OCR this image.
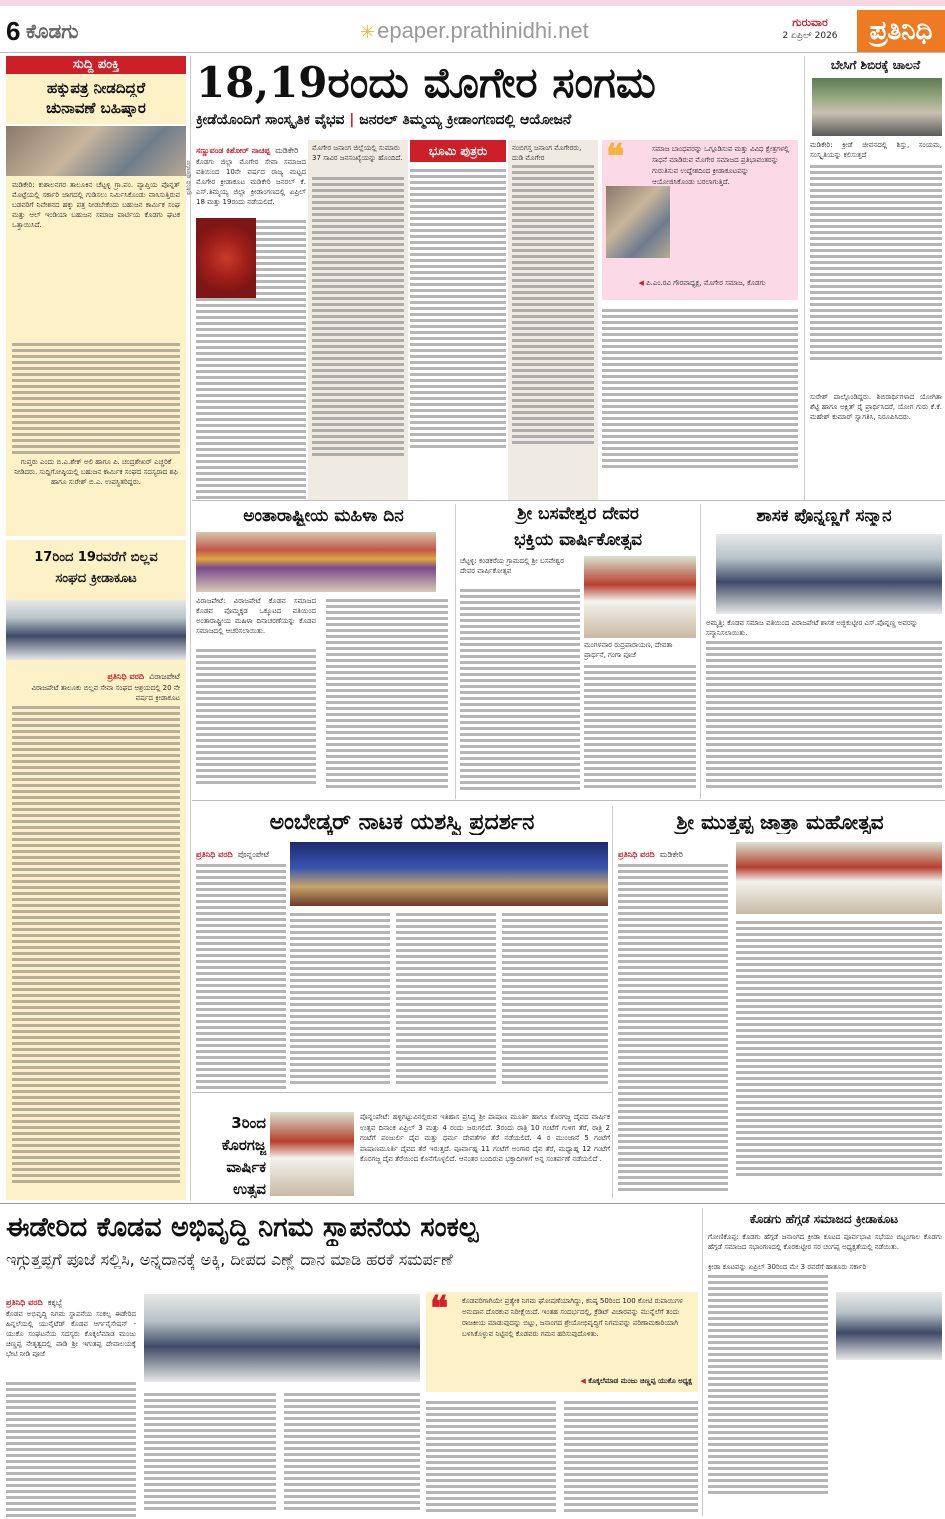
6 ಕೊಡಗು	✳epaper.prathinidhi.net	ಗುರುವಾರ
2 ಏಪ್ರಿಲ್ 2026	ಪ್ರತಿನಿಧಿ
ಸುದ್ದಿ ಪಂಕ್ತಿ
ಹಕ್ಕುಪತ್ರ ನೀಡದಿದ್ದರೆ
ಚುನಾವಣೆ ಬಹಿಷ್ಕಾರ
ಮಡಿಕೇರಿ: ಕುಶಾಲನಗರ ತಾಲೂಕಿನ ಚೆಟ್ಟಳ್ಳಿ ಗ್ರಾ.ಪಂ. ವ್ಯಾಪ್ತಿಯ ಪೊನ್ನತ್ ಮೊಟ್ಟೆಯಲ್ಲಿ ಸರ್ಕಾರಿ ಜಾಗದಲ್ಲಿ ಗುಡಿಸಲು ನಿರ್ಮಿಸಿಕೊಂಡು ವಾಸಿಸುತ್ತಿರುವ ಬಡವರಿಗೆ ನಿವೇಶನದ ಹಕ್ಕು ಪತ್ರ ನೀಡಬೇಕೆಂದು ಬಹುಜನ ಕಾರ್ಮಿಕ ಸಂಘ ಮತ್ತು ಆಲ್ ಇಂಡಿಯಾ ಬಹುಜನ ಸಮಾಜ ಪಾರ್ಟಿಯ ಕೊಡಗು ಘಟಕ ಒತ್ತಾಯಿಸಿದೆ.
ಗುಪ್ತರು ಎಂದು ಬಿ.ಎ.ಶೇಕ್ ಅಲಿ ಹಾಗೂ ಪಿ. ಚಂದ್ರಶೇಖರ್ ಎಚ್ಚರಿಕೆ ನೀಡಿದರು. ಸುದ್ದಿಗೋಷ್ಠಿಯಲ್ಲಿ ಬಹುಜನ ಕಾರ್ಮಿಕ ಸಂಘದ ಸದಸ್ಯರಾದ ಶಫಿ ಹಾಗೂ ಸುರೇಶ್ ಬಿ.ಎ. ಉಪಸ್ಥಿತರಿದ್ದರು.
17ರಿಂದ 19ರವರೆಗೆ ಬಿಲ್ಲವ
ಸಂಘದ ಕ್ರೀಡಾಕೂಟ
ಪ್ರತಿನಿಧಿ ವರದಿ ವಿರಾಜಪೇಟೆ
ವಿರಾಜಪೇಟೆ ತಾಲೂಕು ಬಿಲ್ಲವ ಸೇವಾ ಸಂಘದ ಆಶ್ರಯದಲ್ಲಿ 20 ನೇ ವರ್ಷದ ಕ್ರೀಡಾಕೂಟ
18,19ರಂದು ಮೊಗೇರ ಸಂಗಮ
ಕ್ರೀಡೆಯೊಂದಿಗೆ ಸಾಂಸ್ಕೃತಿಕ ವೈಭವ | ಜನರಲ್ ತಿಮ್ಮಯ್ಯ ಕ್ರೀಡಾಂಗಣದಲ್ಲಿ ಆಯೋಜನೆ
ಪ್ರತಿನಿಧಿ ಫೋಟೋ
ಸಣ್ಣುವಂಡ ಕಿಶೋರ್ ನಾಚಪ್ಪ ಮಡಿಕೇರಿ
ಕೊಡಗು ಜಿಲ್ಲಾ ಮೊಗೇರ ಸೇವಾ ಸಮಾಜದ ವತಿಯಿಂದ 10ನೇ ವರ್ಷದ ರಾಜ್ಯ ಮಟ್ಟದ ಮೊಗೇರ ಕ್ರೀಡಾಕೂಟ ಮಡಿಕೇರಿ ಜನರಲ್ ಕೆ. ಎಸ್.ತಿಮ್ಮಯ್ಯ ಜಿಲ್ಲಾ ಕ್ರೀಡಾಂಗಣದಲ್ಲಿ ಏಪ್ರಿಲ್ 18 ಮತ್ತು 19ರಂದು ನಡೆಯಲಿದೆ.
ಮೊಗೇರ ಜನಾಂಗ ಜಿಲ್ಲೆಯಲ್ಲಿ ಸುಮಾರು 37 ಸಾವಿರ ಜನಸಂಖ್ಯೆಯನ್ನು ಹೊಂದಿದೆ.	ಭೂಮಿ ಪುತ್ರರು	ನಂಬಿಗಸ್ತ ಜನಾಂಗ ಮೊಗೇರರು, ದುಡಿ ಮೊಗೇರ	❝	ಸಮಾಜ ಬಾಂಧವರನ್ನು ಒಗ್ಗೂಡಿಸುವ ಮತ್ತು ವಿವಿಧ ಕ್ಷೇತ್ರಗಳಲ್ಲಿ ಸಾಧನೆ ಮಾಡಿರುವ ಮೊಗೇರ ಸಮಾಜದ ಪ್ರತಿಭಾವಂತರನ್ನು ಗುರುತಿಸುವ ಉದ್ದೇಶದಿಂದ ಕ್ರೀಡಾಕೂಟವನ್ನು ಆಯೋಜಿಸಿಕೊಂಡು ಬರಲಾಗುತ್ತಿದೆ.
◀ ಪಿ.ಎಂ.ರವಿ ಗೌರವಾಧ್ಯಕ್ಷ, ಮೊಗೇರ ಸಮಾಜ, ಕೊಡಗು
ಬೇಸಿಗೆ ಶಿಬಿರಕ್ಕೆ ಚಾಲನೆ
ಮಡಿಕೇರಿ: ಕ್ರೀಡೆ ಜೀವನದಲ್ಲಿ ಶಿಸ್ತು, ಸಂಯಮ, ಸಂಸ್ಕೃತಿಯನ್ನು ಕಲಿಸುತ್ತದೆ
ಸುರೇಶ್ ಪಾಲ್ಗೊಂಡಿದ್ದರು. ಶಿಬಿರಾರ್ಥಿಗಳಾದ ಯೋಗಿತಾ ಶೆಟ್ಟಿ ಹಾಗೂ ಅಕ್ಷಿತ್ ರೈ ಪ್ರಾರ್ಥಿಸಿದರೆ, ಯೋಗ ಗುರು ಕೆ.ಕೆ. ಮಹೇಶ್ ಕುಮಾರ್ ಸ್ವಾಗತಿಸಿ, ನಿರೂಪಿಸಿದರು.
ಅಂತಾರಾಷ್ಟ್ರೀಯ ಮಹಿಳಾ ದಿನ
ವಿರಾಜಪೇಟೆ: ವಿರಾಜಪೇಟೆ ಕೊಡವ ಸಮಾಜದ ಕೊಡವ ಪೊಮ್ಮಕ್ಕಡ ಒಕ್ಕೂಟದ ವತಿಯಿಂದ ಅಂತಾರಾಷ್ಟ್ರೀಯ ಮಹಿಳಾ ದಿನಾಚರಣೆಯನ್ನು ಕೊಡವ ಸಮಾಜದಲ್ಲಿ ಆಚರಿಸಲಾಯಿತು.
ಶ್ರೀ ಬಸವೇಶ್ವರ ದೇವರ
ಭಕ್ತಿಯ ವಾರ್ಷಿಕೋತ್ಸವ
ಚೆಟ್ಟಳ್ಳಿ: ಕಂಡಕರೆಯ ಗ್ರಾಮದಲ್ಲಿ ಶ್ರೀ ಬಸವೇಶ್ವರ ದೇವರ ವಾರ್ಷಿಕೋತ್ಸವ
ಮಂಗಳವಾರ ರುದ್ರಪಾರಾಯಣ, ದೇವತಾ ಪ್ರಾರ್ಥನೆ, ಗಂಗಾ ಪೂಜೆ
ಶಾಸಕ ಪೊನ್ನಣ್ಣಗೆ ಸನ್ಮಾನ
ಅಮ್ಮತ್ತಿ: ಕೊಡವ ಸಮಾಜ ವತಿಯಿಂದ ವಿರಾಜಪೇಟೆ ಶಾಸಕ ಅಜ್ಜಿಕುಟ್ಟೀರ ಎಸ್.ಪೊನ್ನಣ್ಣ ಅವರನ್ನು ಸನ್ಮಾನಿಸಲಾಯಿತು.
ಅಂಬೇಡ್ಕರ್ ನಾಟಕ ಯಶಸ್ವಿ ಪ್ರದರ್ಶನ
ಪ್ರತಿನಿಧಿ ವರದಿ ಪೊನ್ನಂಪೇಟೆ
ಶ್ರೀ ಮುತ್ತಪ್ಪ ಜಾತ್ರಾ ಮಹೋತ್ಸವ
ಪ್ರತಿನಿಧಿ ವರದಿ ಮಡಿಕೇರಿ
3ರಿಂದ
ಕೊರಗಜ್ಜ
ವಾರ್ಷಿಕ
ಉತ್ಸವ
ಪೊನ್ನಂಪೇಟೆ: ಹಳ್ಳಿಗಟ್ಟುವಿನಲ್ಲಿರುವ ಇತಿಹಾಸ ಪ್ರಸಿದ್ಧ ಶ್ರೀ ಪಾಷಾಣ ಮೂರ್ತಿ ಹಾಗೂ ಕೊರಗಜ್ಜ ದೈವದ ವಾರ್ಷಿಕ ಉತ್ಸವ ದಿನಾಂಕ ಏಪ್ರಿಲ್ 3 ಮತ್ತು 4 ರಂದು ಜರುಗಲಿದೆ. 3ರಂದು ರಾತ್ರಿ 10 ಗಂಟೆಗೆ ಗುಳಿಗ ತೆರೆ, ರಾತ್ರಿ 2 ಗಂಟೆಗೆ ಪಂಜುರ್ಲಿ ದೈವ ಮತ್ತು ಧರ್ಮ ದೇವತೆಗಳ ತೆರೆ ನಡೆಯಲಿದೆ. 4 ರ ಮುಂಜಾನೆ 5 ಗಂಟೆಗೆ ಪಾಷಾಣಮೂರ್ತಿ ದೈವದ ತೆರೆ ಇರುತ್ತದೆ. ಪೂರ್ವಾಹ್ನ 11 ಗಂಟೆಗೆ ಅಂಗಾರ ದೈವ ತೆರೆ, ಮಧ್ಯಾಹ್ನ 12 ಗಂಟೆಗೆ ಕೊರಗಜ್ಜ ದೈವ ತೆರೆಯಿಂದ ಕೊನೆಗೊಳ್ಳಲಿದೆ. ಆನಂತರ ಬಂದಿರುವ ಭಕ್ತಾದಿಗಳಿಗೆ ಅನ್ನ ಸಂತರ್ಪಣೆ ನಡೆಯಲಿದೆ .
ಈಡೇರಿದ ಕೊಡವ ಅಭಿವೃದ್ಧಿ ನಿಗಮ ಸ್ಥಾಪನೆಯ ಸಂಕಲ್ಪ
ಇಗ್ಗುತ್ತಪ್ಪಗೆ ಪೂಜೆ ಸಲ್ಲಿಸಿ, ಅನ್ನದಾನಕ್ಕೆ ಅಕ್ಕಿ, ದೀಪದ ಎಣ್ಣೆ ದಾನ ಮಾಡಿ ಹರಕೆ ಸಮರ್ಪಣೆ
ಪ್ರತಿನಿಧಿ ವರದಿ ಕಕ್ಕಬ್ಬೆ
ಕೊಡವ ಅಭಿವೃದ್ಧಿ ನಿಗಮ ಸ್ಥಾಪನೆಯ ಸಂಕಲ್ಪ ಈಡೇರಿದ ಹಿನ್ನಲೆಯಲ್ಲಿ ಯುನೈಟೆಡ್ ಕೊಡವ ಆರ್ಗನೈಸೇಷನ್ - ಯುಕೊ ಸಂಘಟನೆಯ ಸದಸ್ಯರು ಕೊಕ್ಕಲೆಮಾಡ ಮಂಜು ಚಿಣ್ಣಪ್ಪ ನೇತೃತ್ವದಲ್ಲಿ ಪಾಡಿ ಶ್ರೀ ಇಗುತಪ್ಪ ದೇವಾಲಯಕ್ಕೆ ಭೇಟಿ ನೀಡಿ ಪೂಜೆ
❝ ಕೊಡವರಿಗಾಗಿಯೇ ಪ್ರತ್ಯೇಕ ನಿಗಮ ಘೋಷಣೆಯಾಗಿದ್ದು, ಕನಿಷ್ಠ 50ರಿಂದ 100 ಕೋಟಿ ರುಪಾಯಿಗಳ ಅನುದಾನ ದೊರಕುವ ನಿರೀಕ್ಷೆಯಿದೆ. ಇಂತಹ ಸಂದರ್ಭದಲ್ಲಿ, ಕ್ರೆಡಿಟ್ ವಿಚಾರವನ್ನು ಮುನ್ನೆಲೆಗೆ ತಂದು ರಾಜಕೀಯ ಮಾಡುವುದನ್ನು ಬಿಟ್ಟು, ಜನಾಂಗದ ಶ್ರೇಯೋಭಿವೃದ್ಧಿಗೆ ನಿಗಮವನ್ನು ಪರಿಣಾಮಕಾರಿಯಾಗಿ ಬಳಸಿಕೊಳ್ಳುವ ನಿಟ್ಟಿನಲ್ಲಿ ಕೊಡವರು ಗಮನ ಹರಿಸುವುದೊಳಿತು.
◀ ಕೊಕ್ಕಲೆಮಾಡ ಮಂಜು ಚಿಣ್ಣಪ್ಪ ಯುಕೊ ಅಧ್ಯಕ್ಷ
ಕೊಡಗು ಹೆಗ್ಗಡೆ ಸಮಾಜದ ಕ್ರೀಡಾಕೂಟ
ಗೋಣಿಕೊಪ್ಪ: ಕೊಡಗು ಹೆಗ್ಗಡೆ ಜನಾಂಗದ ಕ್ರೀಡಾ ಕೂಟದ ಪೂರ್ವಭಾವಿ ಸಭೆಯು ಬಿಟ್ಟಂಗಾಲ ಕೊಡಗು ಹೆಗ್ಗಡೆ ಸಮಾಜದ ಸಭಾಂಗಣದಲ್ಲಿ ಕೊರಕುಟ್ಟೀರ ಸರ ಚಂಗಪ್ಪ ಅಧ್ಯಕ್ಷತೆಯಲ್ಲಿ ನಡೆಯಿತು.
ಕ್ರೀಡಾ ಕೂಟವನ್ನು ಏಪ್ರಿಲ್ 30ರಿಂದ ಮೇ 3 ರವರೆಗೆ ಹಾತೂರು ಸರ್ಕಾರಿ
